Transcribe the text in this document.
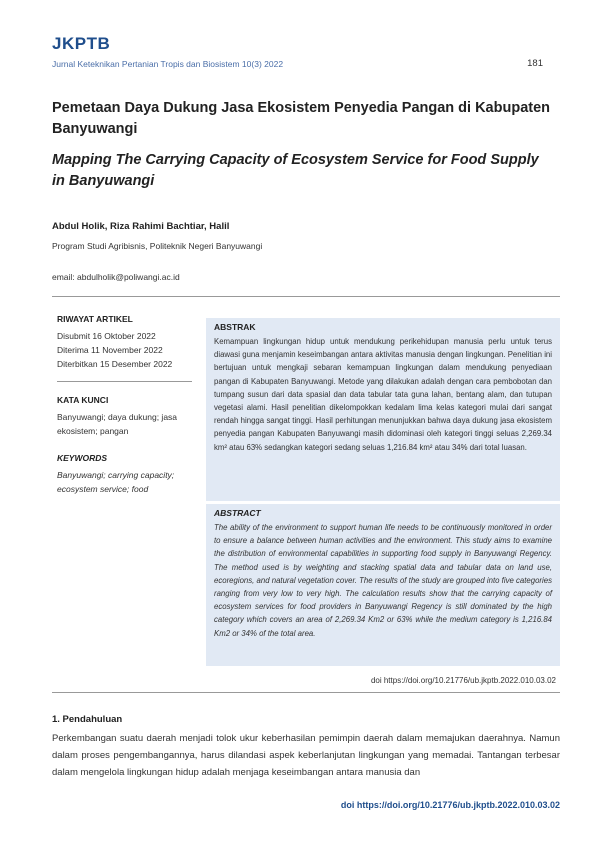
JKPTB
Jurnal Keteknikan Pertanian Tropis dan Biosistem 10(3) 2022	181
Pemetaan Daya Dukung Jasa Ekosistem Penyedia Pangan di Kabupaten Banyuwangi
Mapping The Carrying Capacity of Ecosystem Service for Food Supply in Banyuwangi
Abdul Holik, Riza Rahimi Bachtiar, Halil
Program Studi Agribisnis, Politeknik Negeri Banyuwangi
email: abdulholik@poliwangi.ac.id
RIWAYAT ARTIKEL
Disubmit 16 Oktober 2022
Diterima 11 November 2022
Diterbitkan 15 Desember 2022
KATA KUNCI
Banyuwangi; daya dukung; jasa ekosistem; pangan
KEYWORDS
Banyuwangi; carrying capacity; ecosystem service; food
ABSTRAK

Kemampuan lingkungan hidup untuk mendukung perikehidupan manusia perlu untuk terus diawasi guna menjamin keseimbangan antara aktivitas manusia dengan lingkungan. Penelitian ini bertujuan untuk mengkaji sebaran kemampuan lingkungan dalam mendukung penyediaan pangan di Kabupaten Banyuwangi. Metode yang dilakukan adalah dengan cara pembobotan dan tumpang susun dari data spasial dan data tabular tata guna lahan, bentang alam, dan tutupan vegetasi alami. Hasil penelitian dikelompokkan kedalam lima kelas kategori mulai dari sangat rendah hingga sangat tinggi. Hasil perhitungan menunjukkan bahwa daya dukung jasa ekosistem penyedia pangan Kabupaten Banyuwangi masih didominasi oleh kategori tinggi seluas 2,269.34 km² atau 63% sedangkan kategori sedang seluas 1,216.84 km² atau 34% dari total luasan.

ABSTRACT

The ability of the environment to support human life needs to be continuously monitored in order to ensure a balance between human activities and the environment. This study aims to examine the distribution of environmental capabilities in supporting food supply in Banyuwangi Regency. The method used is by weighting and stacking spatial data and tabular data on land use, ecoregions, and natural vegetation cover. The results of the study are grouped into five categories ranging from very low to very high. The calculation results show that the carrying capacity of ecosystem services for food providers in Banyuwangi Regency is still dominated by the high category which covers an area of 2,269.34 Km2 or 63% while the medium category is 1,216.84 Km2 or 34% of the total area.

doi https://doi.org/10.21776/ub.jkptb.2022.010.03.02
1. Pendahuluan

Perkembangan suatu daerah menjadi tolok ukur keberhasilan pemimpin daerah dalam memajukan daerahnya. Namun dalam proses pengembangannya, harus dilandasi aspek keberlanjutan lingkungan yang memadai. Tantangan terbesar dalam mengelola lingkungan hidup adalah menjaga keseimbangan antara manusia dan

doi https://doi.org/10.21776/ub.jkptb.2022.010.03.02
